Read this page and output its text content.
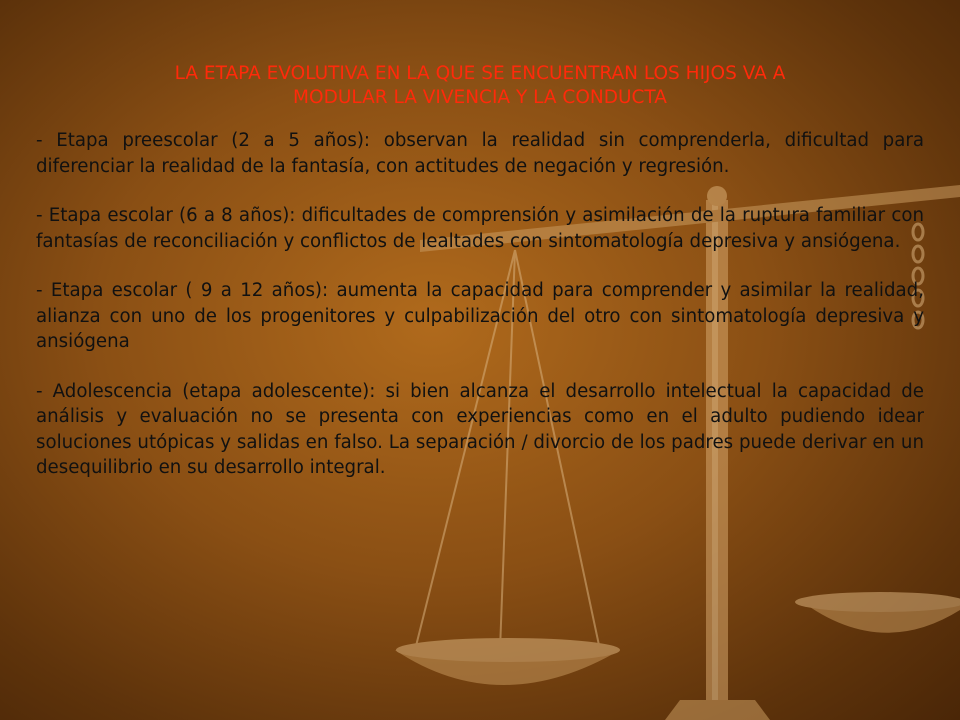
LA ETAPA EVOLUTIVA EN LA QUE SE ENCUENTRAN LOS HIJOS VA A
MODULAR LA VIVENCIA Y LA CONDUCTA

- Etapa preescolar (2 a 5 años): observan la realidad sin comprenderla, dificultad para diferenciar la realidad de la fantasía, con actitudes de negación y regresión.

- Etapa escolar (6 a 8 años): dificultades de comprensión y asimilación de la ruptura familiar con fantasías de reconciliación y conflictos de lealtades con sintomatología depresiva y ansiógena.

- Etapa escolar ( 9 a 12 años): aumenta la capacidad para comprender y asimilar la realidad, alianza con uno de los progenitores y culpabilización del otro con sintomatología depresiva y ansiógena

- Adolescencia (etapa adolescente): si bien alcanza el desarrollo intelectual la capacidad de análisis y evaluación no se presenta con experiencias como en el adulto pudiendo idear soluciones utópicas y salidas en falso. La separación / divorcio de los padres puede derivar en un desequilibrio en su desarrollo integral.
